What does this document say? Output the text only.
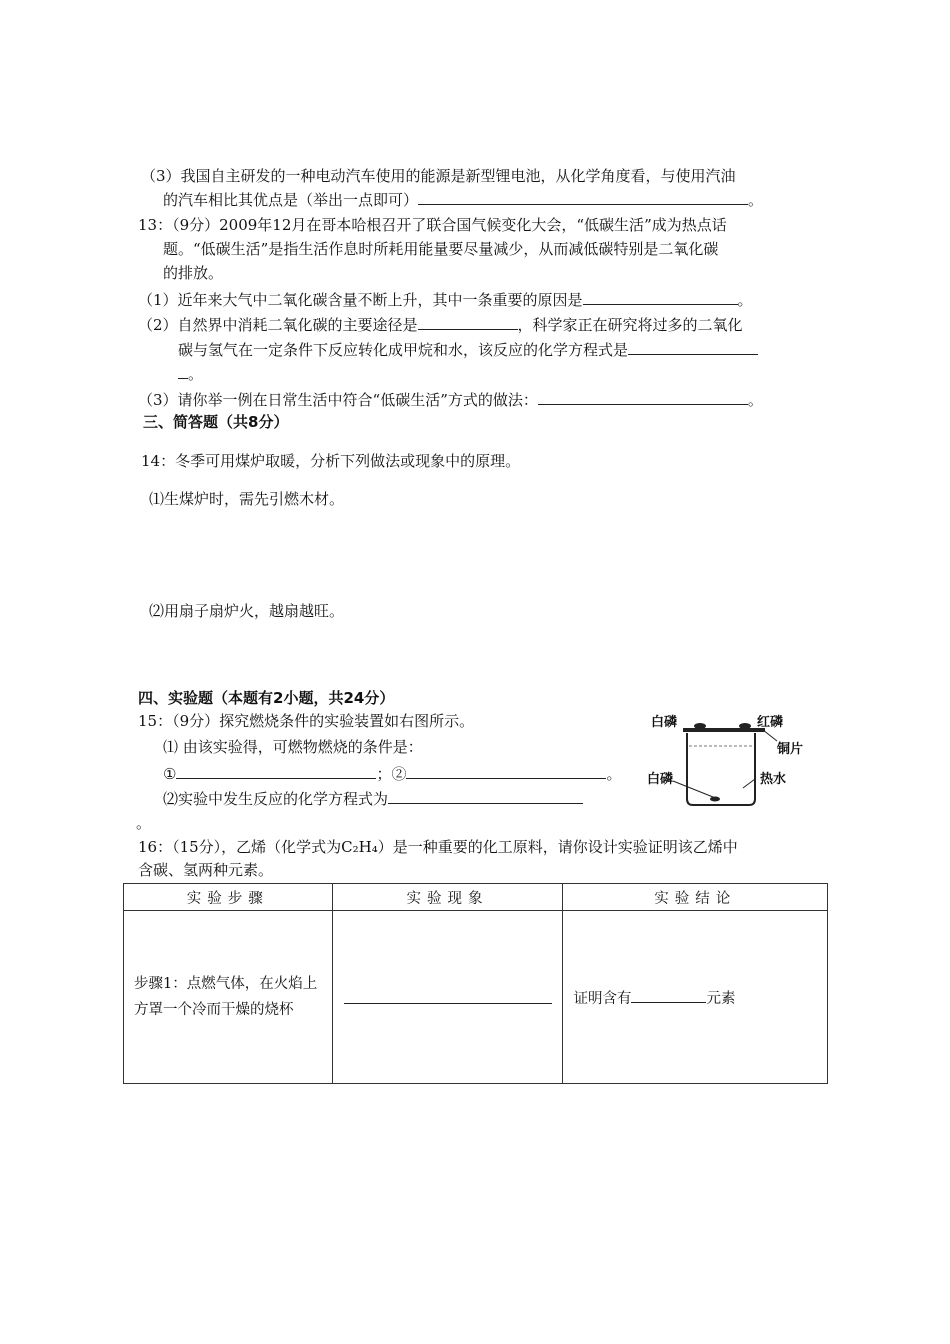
（3）我国自主研发的一种电动汽车使用的能源是新型锂电池，从化学角度看，与使用汽油
的汽车相比其优点是（举出一点即可）	。
13：（9分）2009年12月在哥本哈根召开了联合国气候变化大会，“低碳生活”成为热点话
题。“低碳生活”是指生活作息时所耗用能量要尽量减少，从而减低碳特别是二氧化碳
的排放。
（1）近年来大气中二氧化碳含量不断上升，其中一条重要的原因是	。
（2）自然界中消耗二氧化碳的主要途径是	，科学家正在研究将过多的二氧化
碳与氢气在一定条件下反应转化成甲烷和水，该反应的化学方程式是
。
（3）请你举一例在日常生活中符合“低碳生活”方式的做法：	。
三、简答题（共8分）
14：冬季可用煤炉取暖，分析下列做法或现象中的原理。
⑴生煤炉时，需先引燃木材。
⑵用扇子扇炉火，越扇越旺。
四、实验题（本题有2小题，共24分）
15：（9分）探究燃烧条件的实验装置如右图所示。
⑴ 由该实验得，可燃物燃烧的条件是：
①	；②	。
⑵实验中发生反应的化学方程式为
。
白磷	红磷
铜片
白磷	热水
16：（15分），乙烯（化学式为C₂H₄）是一种重要的化工原料，请你设计实验证明该乙烯中
含碳、氢两种元素。
实验步骤	实验现象	实验结论
步骤1：点燃气体，在火焰上方罩一个冷而干燥的烧杯		证明含有 元素
